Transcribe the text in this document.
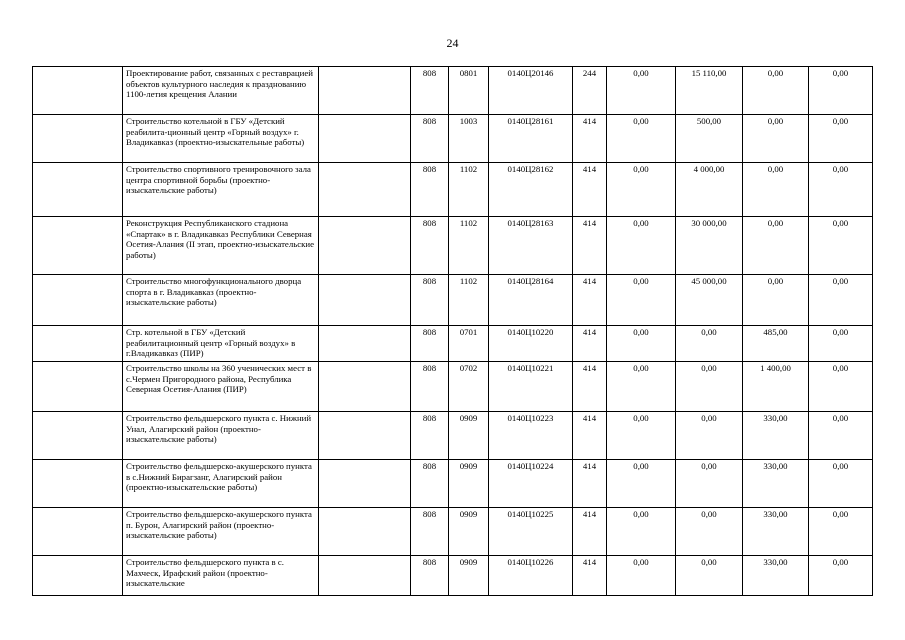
24
	Проектирование работ, связанных с реставрацией объектов культурного наследия к празднованию 1100-летия крещения Алании		808	0801	0140Ц20146	244	0,00	15 110,00	0,00	0,00
	Строительство котельной в ГБУ «Детский реабилита-ционный центр «Горный воздух» г. Владикавказ (проектно-изыскательные работы)		808	1003	0140Ц28161	414	0,00	500,00	0,00	0,00
	Строительство спортивного тренировочного зала центра спортивной борьбы (проектно-изыскательские работы)		808	1102	0140Ц28162	414	0,00	4 000,00	0,00	0,00
	Реконструкция Республиканского стадиона «Спартак» в г. Владикавказ Республики Северная Осетия-Алания (II этап, проектно-изыскательские работы)		808	1102	0140Ц28163	414	0,00	30 000,00	0,00	0,00
	Строительство многофункционального дворца спорта в г. Владикавказ (проектно-изыскательские работы)		808	1102	0140Ц28164	414	0,00	45 000,00	0,00	0,00
	Стр. котельной в ГБУ «Детский реабилитационный центр «Горный воздух» в г.Владикавказ (ПИР)		808	0701	0140Ц10220	414	0,00	0,00	485,00	0,00
	Строительство школы на 360 ученических мест в с.Чермен Пригородного района, Республика Северная Осетия-Алания (ПИР)		808	0702	0140Ц10221	414	0,00	0,00	1 400,00	0,00
	Строительство фельдшерского пункта с. Нижний Унал, Алагирский район (проектно-изыскательские работы)		808	0909	0140Ц10223	414	0,00	0,00	330,00	0,00
	Строительство фельдшерско-акушерского пункта в с.Нижний Бирагзанг, Алагирский район (проектно-изыскательские работы)		808	0909	0140Ц10224	414	0,00	0,00	330,00	0,00
	Строительство фельдшерско-акушерского пункта п. Бурон, Алагирский район (проектно-изыскательские работы)		808	0909	0140Ц10225	414	0,00	0,00	330,00	0,00
	Строительство фельдшерского пункта в с. Махческ, Ирафский район (проектно-изыскательские		808	0909	0140Ц10226	414	0,00	0,00	330,00	0,00
